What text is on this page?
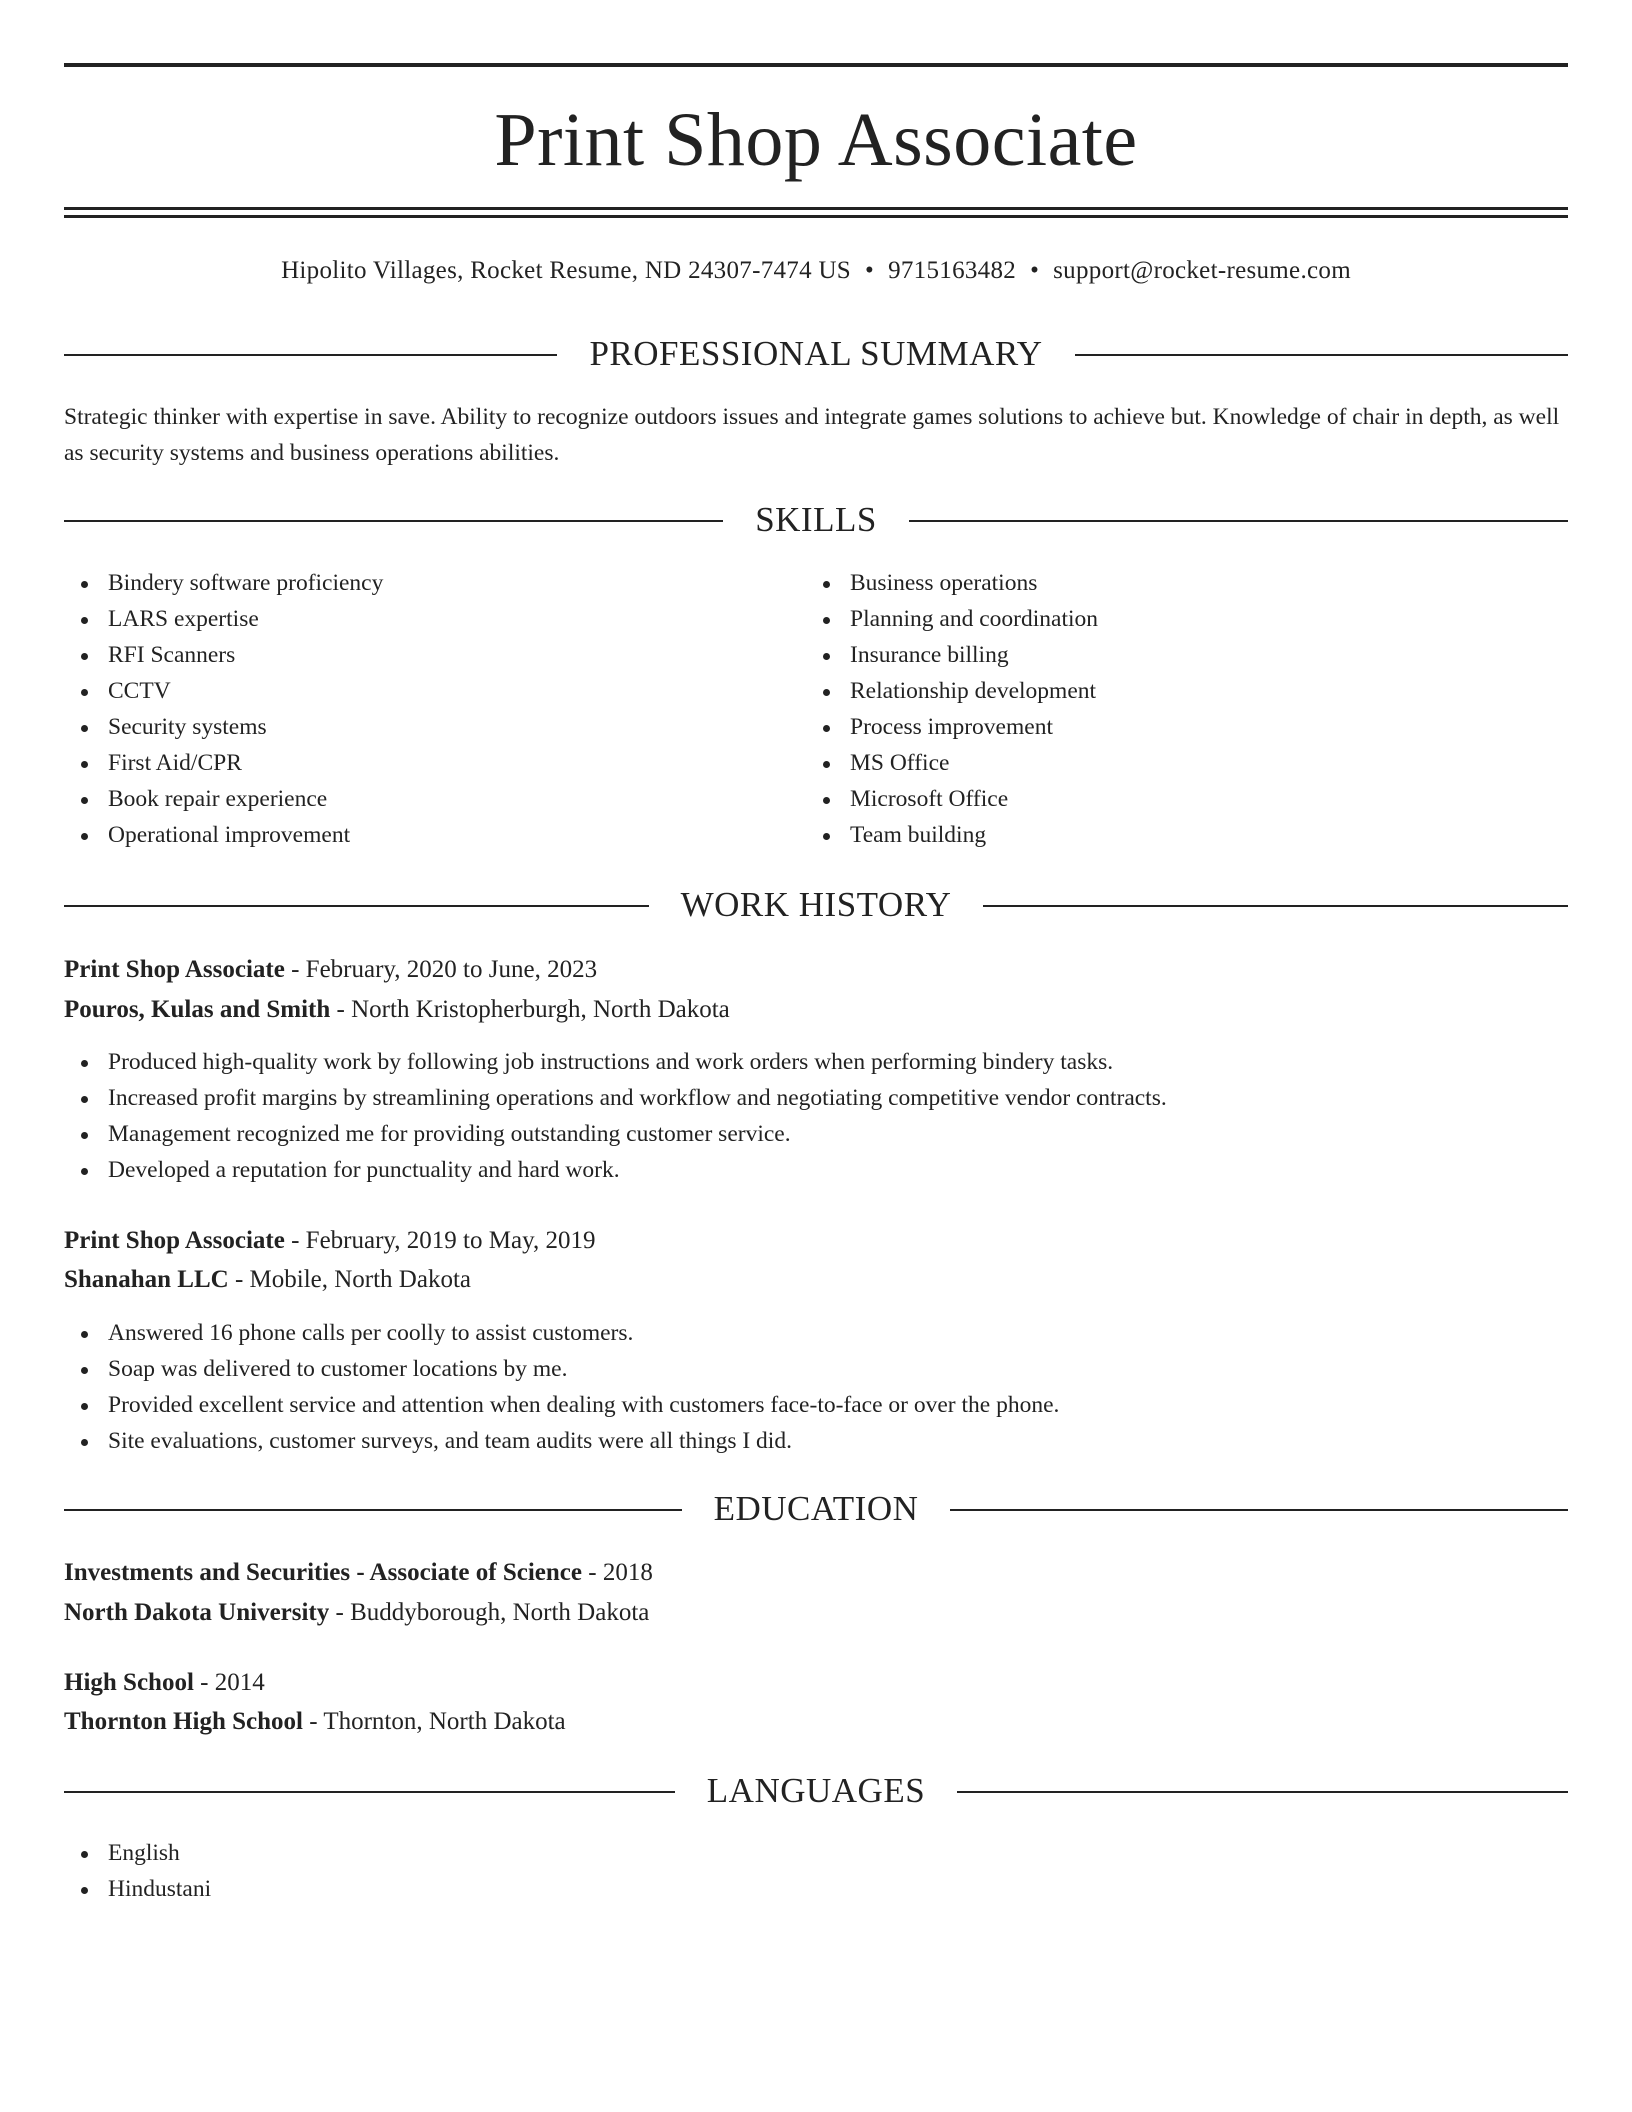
Print Shop Associate
Hipolito Villages, Rocket Resume, ND 24307-7474 US • 9715163482 • support@rocket-resume.com
PROFESSIONAL SUMMARY
Strategic thinker with expertise in save. Ability to recognize outdoors issues and integrate games solutions to achieve but. Knowledge of chair in depth, as well as security systems and business operations abilities.
SKILLS
Bindery software proficiency
LARS expertise
RFI Scanners
CCTV
Security systems
First Aid/CPR
Book repair experience
Operational improvement
Business operations
Planning and coordination
Insurance billing
Relationship development
Process improvement
MS Office
Microsoft Office
Team building
WORK HISTORY
Print Shop Associate - February, 2020 to June, 2023
Pouros, Kulas and Smith - North Kristopherburgh, North Dakota
Produced high-quality work by following job instructions and work orders when performing bindery tasks.
Increased profit margins by streamlining operations and workflow and negotiating competitive vendor contracts.
Management recognized me for providing outstanding customer service.
Developed a reputation for punctuality and hard work.
Print Shop Associate - February, 2019 to May, 2019
Shanahan LLC - Mobile, North Dakota
Answered 16 phone calls per coolly to assist customers.
Soap was delivered to customer locations by me.
Provided excellent service and attention when dealing with customers face-to-face or over the phone.
Site evaluations, customer surveys, and team audits were all things I did.
EDUCATION
Investments and Securities - Associate of Science - 2018
North Dakota University - Buddyborough, North Dakota
High School - 2014
Thornton High School - Thornton, North Dakota
LANGUAGES
English
Hindustani
